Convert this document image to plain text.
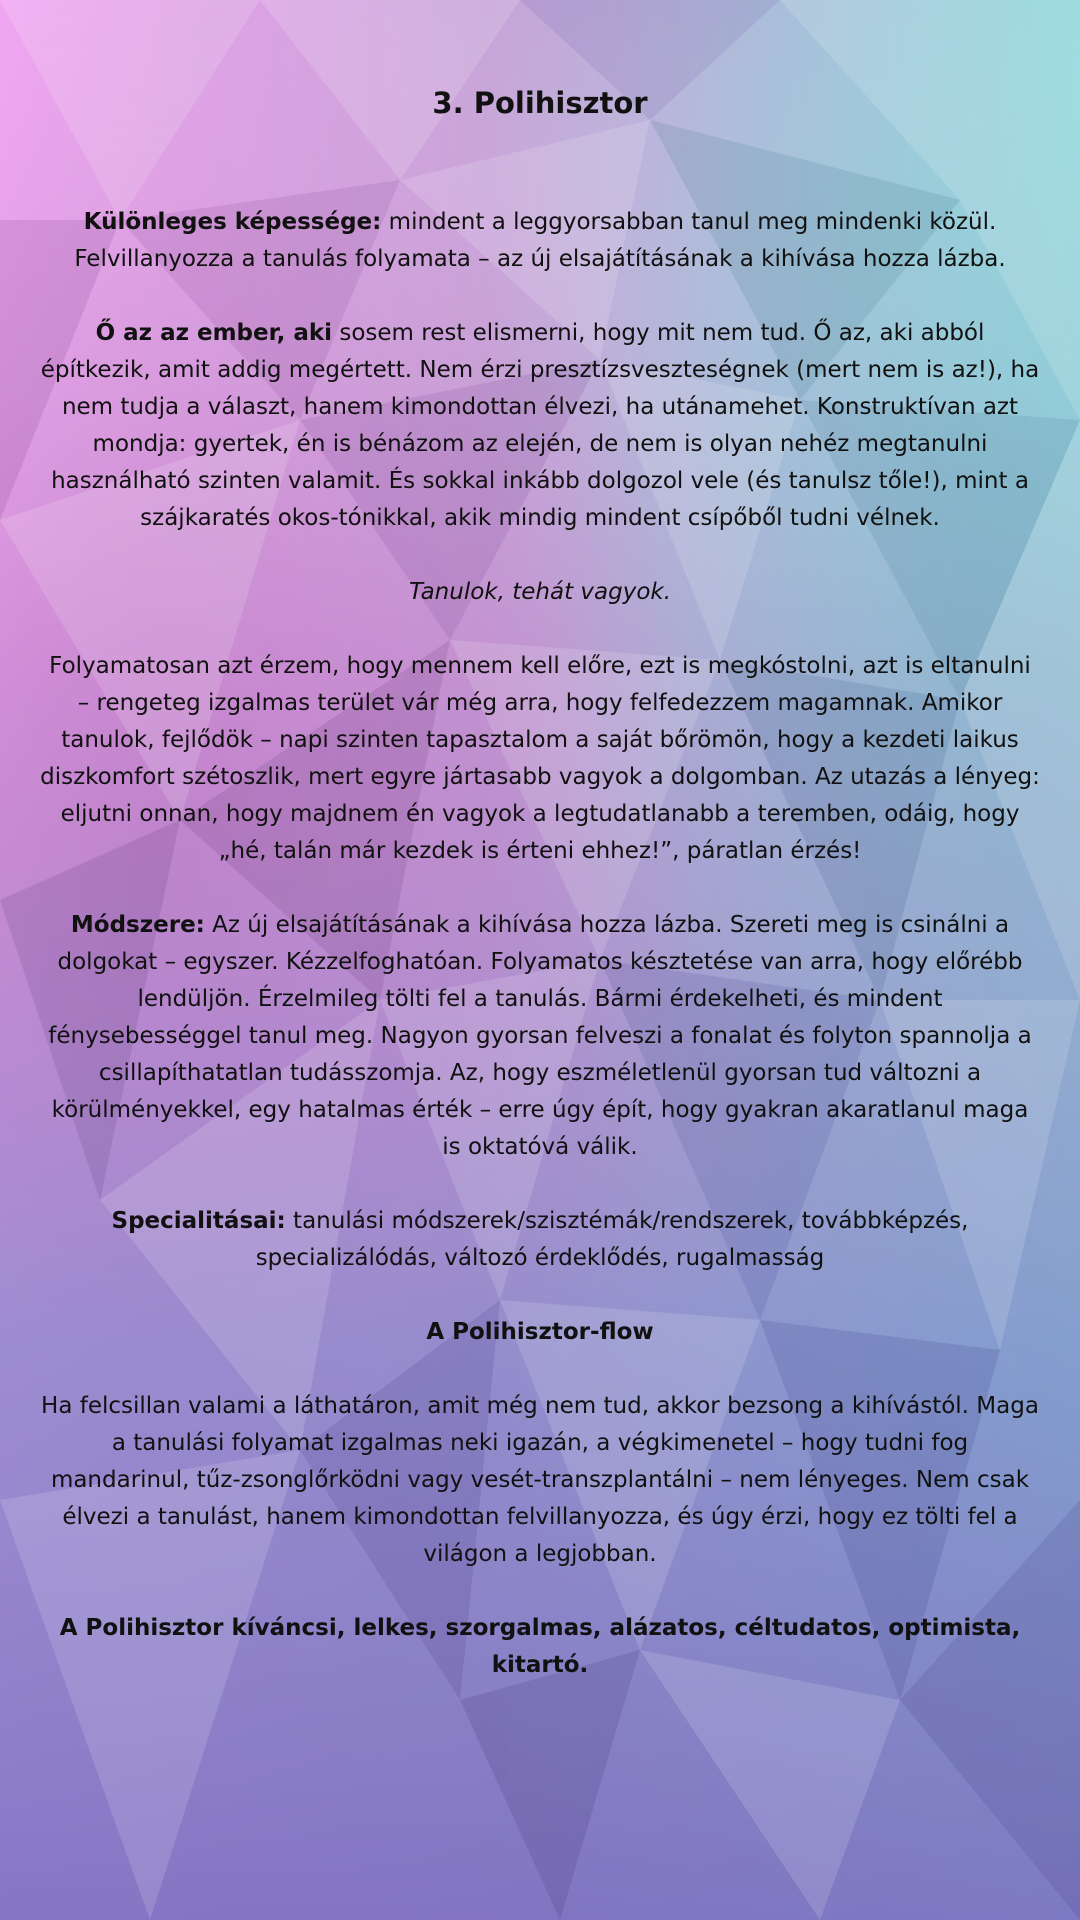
3. Polihisztor

Különleges képessége: mindent a leggyorsabban tanul meg mindenki közül. Felvillanyozza a tanulás folyamata – az új elsajátításának a kihívása hozza lázba.

Ő az az ember, aki sosem rest elismerni, hogy mit nem tud. Ő az, aki abból építkezik, amit addig megértett. Nem érzi presztízsveszteségnek (mert nem is az!), ha nem tudja a választ, hanem kimondottan élvezi, ha utánamehet. Konstruktívan azt mondja: gyertek, én is bénázom az elején, de nem is olyan nehéz megtanulni használható szinten valamit. És sokkal inkább dolgozol vele (és tanulsz tőle!), mint a szájkaratés okos-tónikkal, akik mindig mindent csípőből tudni vélnek.

Tanulok, tehát vagyok.

Folyamatosan azt érzem, hogy mennem kell előre, ezt is megkóstolni, azt is eltanulni – rengeteg izgalmas terület vár még arra, hogy felfedezzem magamnak. Amikor tanulok, fejlődök – napi szinten tapasztalom a saját bőrömön, hogy a kezdeti laikus diszkomfort szétoszlik, mert egyre jártasabb vagyok a dolgomban. Az utazás a lényeg: eljutni onnan, hogy majdnem én vagyok a legtudatlanabb a teremben, odáig, hogy „hé, talán már kezdek is érteni ehhez!”, páratlan érzés!

Módszere: Az új elsajátításának a kihívása hozza lázba. Szereti meg is csinálni a dolgokat – egyszer. Kézzelfoghatóan. Folyamatos késztetése van arra, hogy előrébb lendüljön. Érzelmileg tölti fel a tanulás. Bármi érdekelheti, és mindent fénysebességgel tanul meg. Nagyon gyorsan felveszi a fonalat és folyton spannolja a csillapíthatatlan tudásszomja. Az, hogy eszméletlenül gyorsan tud változni a körülményekkel, egy hatalmas érték – erre úgy épít, hogy gyakran akaratlanul maga is oktatóvá válik.

Specialitásai: tanulási módszerek/szisztémák/rendszerek, továbbképzés, specializálódás, változó érdeklődés, rugalmasság

A Polihisztor-flow

Ha felcsillan valami a láthatáron, amit még nem tud, akkor bezsong a kihívástól. Maga a tanulási folyamat izgalmas neki igazán, a végkimenetel – hogy tudni fog mandarinul, tűz-zsonglőrködni vagy vesét-transzplantálni – nem lényeges. Nem csak élvezi a tanulást, hanem kimondottan felvillanyozza, és úgy érzi, hogy ez tölti fel a világon a legjobban.

A Polihisztor kíváncsi, lelkes, szorgalmas, alázatos, céltudatos, optimista, kitartó.
